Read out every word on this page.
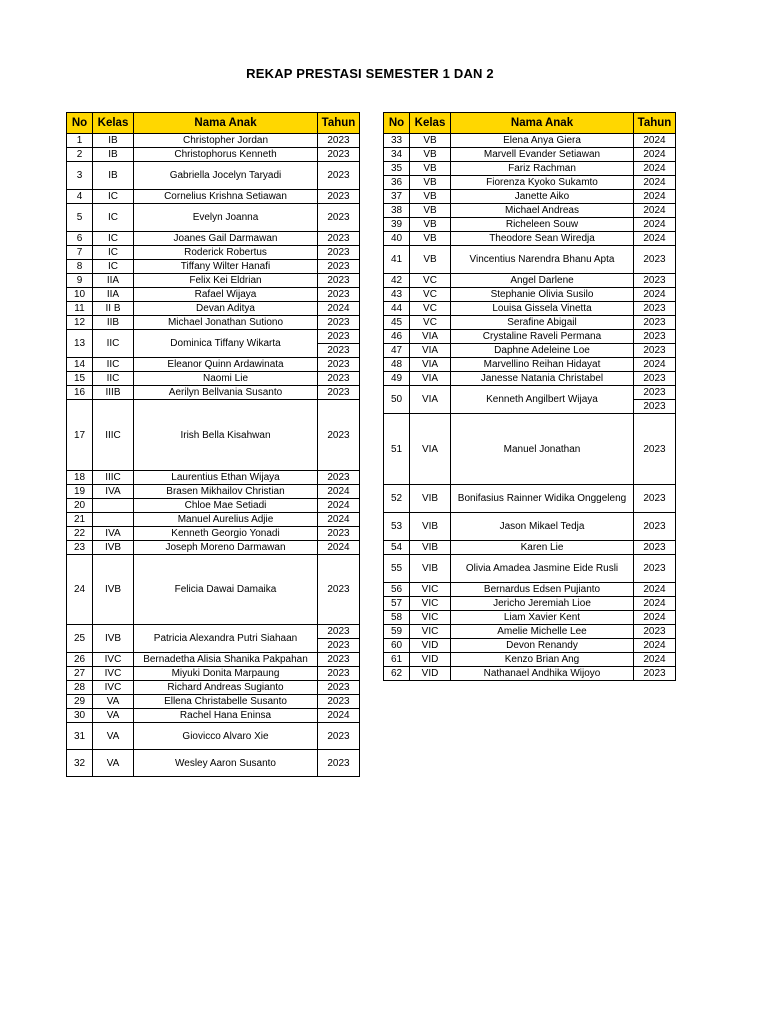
REKAP PRESTASI SEMESTER 1 DAN 2
No	Kelas	Nama Anak	Tahun
1	IB	Christopher Jordan	2023
2	IB	Christophorus Kenneth	2023
3	IB	Gabriella Jocelyn Taryadi	2023
4	IC	Cornelius Krishna Setiawan	2023
5	IC	Evelyn Joanna	2023
6	IC	Joanes Gail Darmawan	2023
7	IC	Roderick Robertus	2023
8	IC	Tiffany Wilter Hanafi	2023
9	IIA	Felix Kei Eldrian	2023
10	IIA	Rafael Wijaya	2023
11	II B	Devan Aditya	2024
12	IIB	Michael Jonathan Sutiono	2023
13	IIC	Dominica Tiffany Wikarta	2023
			2023
14	IIC	Eleanor Quinn Ardawinata	2023
15	IIC	Naomi Lie	2023
16	IIIB	Aerilyn Bellvania Susanto	2023
17	IIIC	Irish Bella Kisahwan	2023
18	IIIC	Laurentius Ethan Wijaya	2023
19	IVA	Brasen Mikhailov Christian	2024
20		Chloe Mae Setiadi	2024
21		Manuel Aurelius Adjie	2024
22	IVA	Kenneth Georgio Yonadi	2023
23	IVB	Joseph Moreno Darmawan	2024
24	IVB	Felicia Dawai Damaika	2023
25	IVB	Patricia Alexandra Putri Siahaan	2023
			2023
26	IVC	Bernadetha Alisia Shanika Pakpahan	2023
27	IVC	Miyuki Donita Marpaung	2023
28	IVC	Richard Andreas Sugianto	2023
29	VA	Ellena Christabelle Susanto	2023
30	VA	Rachel Hana Eninsa	2024
31	VA	Giovicco Alvaro Xie	2023
32	VA	Wesley Aaron Susanto	2023
No	Kelas	Nama Anak	Tahun
33	VB	Elena Anya Giera	2024
34	VB	Marvell Evander Setiawan	2024
35	VB	Fariz Rachman	2024
36	VB	Fiorenza Kyoko Sukamto	2024
37	VB	Janette Aiko	2024
38	VB	Michael Andreas	2024
39	VB	Richeleen Souw	2024
40	VB	Theodore Sean Wiredja	2024
41	VB	Vincentius Narendra Bhanu Apta	2023
42	VC	Angel Darlene	2023
43	VC	Stephanie Olivia Susilo	2024
44	VC	Louisa Gissela Vinetta	2023
45	VC	Serafine Abigail	2023
46	VIA	Crystaline Raveli Permana	2023
47	VIA	Daphne Adeleine Loe	2023
48	VIA	Marvellino Reihan Hidayat	2024
49	VIA	Janesse Natania Christabel	2023
50	VIA	Kenneth Angilbert Wijaya	2023
			2023
51	VIA	Manuel Jonathan	2023
52	VIB	Bonifasius Rainner Widika Onggeleng	2023
53	VIB	Jason Mikael Tedja	2023
54	VIB	Karen Lie	2023
55	VIB	Olivia Amadea Jasmine Eide Rusli	2023
56	VIC	Bernardus Edsen Pujianto	2024
57	VIC	Jericho Jeremiah Lioe	2024
58	VIC	Liam Xavier Kent	2024
59	VIC	Amelie Michelle Lee	2023
60	VID	Devon Renandy	2024
61	VID	Kenzo Brian Ang	2024
62	VID	Nathanael Andhika Wijoyo	2023
